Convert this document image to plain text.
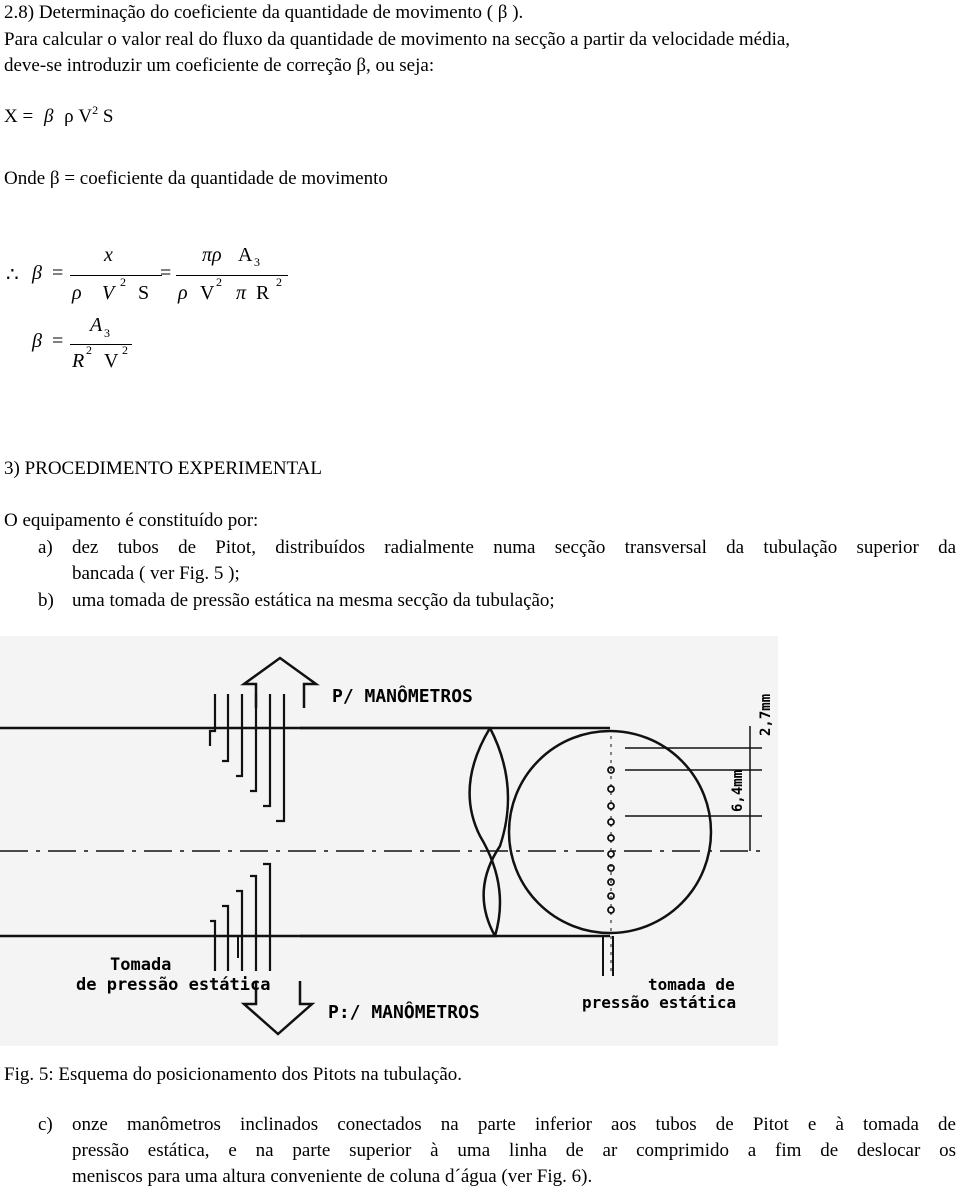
2.8) Determinação do coeficiente da quantidade de movimento ( β ).
Para calcular o valor real do fluxo da quantidade de movimento na secção a partir da velocidade média,
deve-se introduzir um coeficiente de correção β, ou seja:
X = β ρ $V^2$ S
Onde β = coeficiente da quantidade de movimento
∴ β =
x
ρ V 2 S
=
πρ A 3
ρ V 2 π R 2
β =
A 3
R 2 V 2
3) PROCEDIMENTO EXPERIMENTAL
O equipamento é constituído por:
a) dez tubos de Pitot, distribuídos radialmente numa secção transversal da tubulação superior da
bancada ( ver Fig. 5 );
b) uma tomada de pressão estática na mesma secção da tubulação;
P/ MANÔMETROS
P:/ MANÔMETROS
Tomada
de pressão estática	tomada de
pressão estática
2,7mm
6,4mm
Fig. 5: Esquema do posicionamento dos Pitots na tubulação.
c) onze manômetros inclinados conectados na parte inferior aos tubos de Pitot e à tomada de
pressão estática, e na parte superior à uma linha de ar comprimido a fim de deslocar os
meniscos para uma altura conveniente de coluna d´água (ver Fig. 6).
